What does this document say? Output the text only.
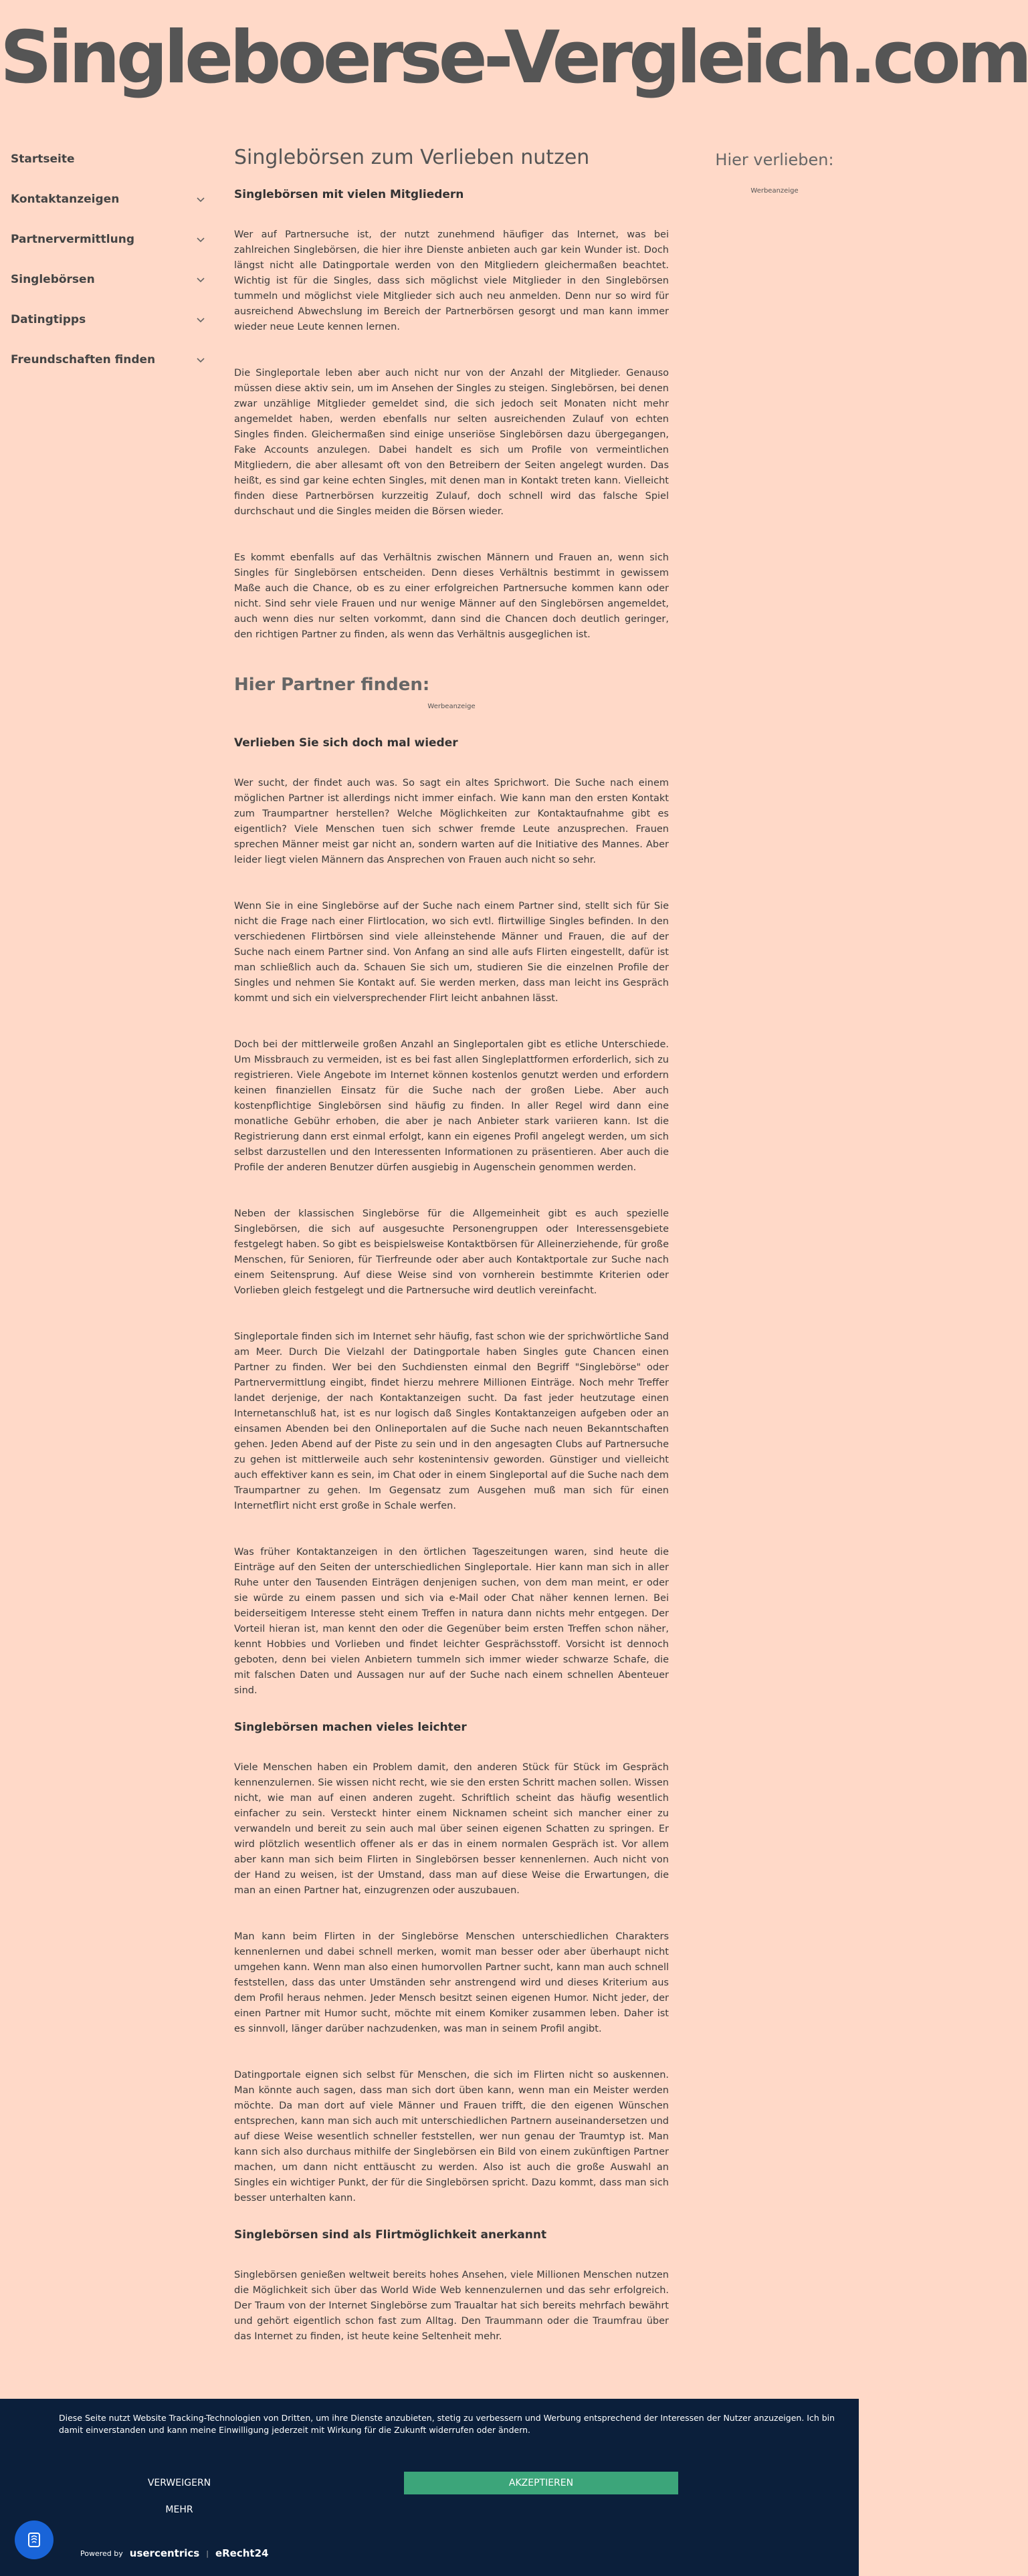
Singleboerse-Vergleich.com
Startseite
Kontaktanzeigen
Partnervermittlung
Singlebörsen
Datingtipps
Freundschaften finden
Singlebörsen zum Verlieben nutzen
Singlebörsen mit vielen Mitgliedern

Wer auf Partnersuche ist, der nutzt zunehmend häufiger das Internet, was bei zahlreichen Singlebörsen, die hier ihre Dienste anbieten auch gar kein Wunder ist. Doch längst nicht alle Datingportale werden von den Mitgliedern gleichermaßen beachtet. Wichtig ist für die Singles, dass sich möglichst viele Mitglieder in den Singlebörsen tummeln und möglichst viele Mitglieder sich auch neu anmelden. Denn nur so wird für ausreichend Abwechslung im Bereich der Partnerbörsen gesorgt und man kann immer wieder neue Leute kennen lernen.

Die Singleportale leben aber auch nicht nur von der Anzahl der Mitglieder. Genauso müssen diese aktiv sein, um im Ansehen der Singles zu steigen. Singlebörsen, bei denen zwar unzählige Mitglieder gemeldet sind, die sich jedoch seit Monaten nicht mehr angemeldet haben, werden ebenfalls nur selten ausreichenden Zulauf von echten Singles finden. Gleichermaßen sind einige unseriöse Singlebörsen dazu übergegangen, Fake Accounts anzulegen. Dabei handelt es sich um Profile von vermeintlichen Mitgliedern, die aber allesamt oft von den Betreibern der Seiten angelegt wurden. Das heißt, es sind gar keine echten Singles, mit denen man in Kontakt treten kann. Vielleicht finden diese Partnerbörsen kurzzeitig Zulauf, doch schnell wird das falsche Spiel durchschaut und die Singles meiden die Börsen wieder.

Es kommt ebenfalls auf das Verhältnis zwischen Männern und Frauen an, wenn sich Singles für Singlebörsen entscheiden. Denn dieses Verhältnis bestimmt in gewissem Maße auch die Chance, ob es zu einer erfolgreichen Partnersuche kommen kann oder nicht. Sind sehr viele Frauen und nur wenige Männer auf den Singlebörsen angemeldet, auch wenn dies nur selten vorkommt, dann sind die Chancen doch deutlich geringer, den richtigen Partner zu finden, als wenn das Verhältnis ausgeglichen ist.

Hier Partner finden:
Werbeanzeige
Verlieben Sie sich doch mal wieder

Wer sucht, der findet auch was. So sagt ein altes Sprichwort. Die Suche nach einem möglichen Partner ist allerdings nicht immer einfach. Wie kann man den ersten Kontakt zum Traumpartner herstellen? Welche Möglichkeiten zur Kontaktaufnahme gibt es eigentlich? Viele Menschen tuen sich schwer fremde Leute anzusprechen. Frauen sprechen Männer meist gar nicht an, sondern warten auf die Initiative des Mannes. Aber leider liegt vielen Männern das Ansprechen von Frauen auch nicht so sehr.

Wenn Sie in eine Singlebörse auf der Suche nach einem Partner sind, stellt sich für Sie nicht die Frage nach einer Flirtlocation, wo sich evtl. flirtwillige Singles befinden. In den verschiedenen Flirtbörsen sind viele alleinstehende Männer und Frauen, die auf der Suche nach einem Partner sind. Von Anfang an sind alle aufs Flirten eingestellt, dafür ist man schließlich auch da. Schauen Sie sich um, studieren Sie die einzelnen Profile der Singles und nehmen Sie Kontakt auf. Sie werden merken, dass man leicht ins Gespräch kommt und sich ein vielversprechender Flirt leicht anbahnen lässt.

Doch bei der mittlerweile großen Anzahl an Singleportalen gibt es etliche Unterschiede. Um Missbrauch zu vermeiden, ist es bei fast allen Singleplattformen erforderlich, sich zu registrieren. Viele Angebote im Internet können kostenlos genutzt werden und erfordern keinen finanziellen Einsatz für die Suche nach der großen Liebe. Aber auch kostenpflichtige Singlebörsen sind häufig zu finden. In aller Regel wird dann eine monatliche Gebühr erhoben, die aber je nach Anbieter stark variieren kann. Ist die Registrierung dann erst einmal erfolgt, kann ein eigenes Profil angelegt werden, um sich selbst darzustellen und den Interessenten Informationen zu präsentieren. Aber auch die Profile der anderen Benutzer dürfen ausgiebig in Augenschein genommen werden.

Neben der klassischen Singlebörse für die Allgemeinheit gibt es auch spezielle Singlebörsen, die sich auf ausgesuchte Personengruppen oder Interessensgebiete festgelegt haben. So gibt es beispielsweise Kontaktbörsen für Alleinerziehende, für große Menschen, für Senioren, für Tierfreunde oder aber auch Kontaktportale zur Suche nach einem Seitensprung. Auf diese Weise sind von vornherein bestimmte Kriterien oder Vorlieben gleich festgelegt und die Partnersuche wird deutlich vereinfacht.

Singleportale finden sich im Internet sehr häufig, fast schon wie der sprichwörtliche Sand am Meer. Durch Die Vielzahl der Datingportale haben Singles gute Chancen einen Partner zu finden. Wer bei den Suchdiensten einmal den Begriff "Singlebörse" oder Partnervermittlung eingibt, findet hierzu mehrere Millionen Einträge. Noch mehr Treffer landet derjenige, der nach Kontaktanzeigen sucht. Da fast jeder heutzutage einen Internetanschluß hat, ist es nur logisch daß Singles Kontaktanzeigen aufgeben oder an einsamen Abenden bei den Onlineportalen auf die Suche nach neuen Bekanntschaften gehen. Jeden Abend auf der Piste zu sein und in den angesagten Clubs auf Partnersuche zu gehen ist mittlerweile auch sehr kostenintensiv geworden. Günstiger und vielleicht auch effektiver kann es sein, im Chat oder in einem Singleportal auf die Suche nach dem Traumpartner zu gehen. Im Gegensatz zum Ausgehen muß man sich für einen Internetflirt nicht erst große in Schale werfen.

Was früher Kontaktanzeigen in den örtlichen Tageszeitungen waren, sind heute die Einträge auf den Seiten der unterschiedlichen Singleportale. Hier kann man sich in aller Ruhe unter den Tausenden Einträgen denjenigen suchen, von dem man meint, er oder sie würde zu einem passen und sich via e-Mail oder Chat näher kennen lernen. Bei beiderseitigem Interesse steht einem Treffen in natura dann nichts mehr entgegen. Der Vorteil hieran ist, man kennt den oder die Gegenüber beim ersten Treffen schon näher, kennt Hobbies und Vorlieben und findet leichter Gesprächsstoff. Vorsicht ist dennoch geboten, denn bei vielen Anbietern tummeln sich immer wieder schwarze Schafe, die mit falschen Daten und Aussagen nur auf der Suche nach einem schnellen Abenteuer sind.

Singlebörsen machen vieles leichter

Viele Menschen haben ein Problem damit, den anderen Stück für Stück im Gespräch kennenzulernen. Sie wissen nicht recht, wie sie den ersten Schritt machen sollen. Wissen nicht, wie man auf einen anderen zugeht. Schriftlich scheint das häufig wesentlich einfacher zu sein. Versteckt hinter einem Nicknamen scheint sich mancher einer zu verwandeln und bereit zu sein auch mal über seinen eigenen Schatten zu springen. Er wird plötzlich wesentlich offener als er das in einem normalen Gespräch ist. Vor allem aber kann man sich beim Flirten in Singlebörsen besser kennenlernen. Auch nicht von der Hand zu weisen, ist der Umstand, dass man auf diese Weise die Erwartungen, die man an einen Partner hat, einzugrenzen oder auszubauen.

Man kann beim Flirten in der Singlebörse Menschen unterschiedlichen Charakters kennenlernen und dabei schnell merken, womit man besser oder aber überhaupt nicht umgehen kann. Wenn man also einen humorvollen Partner sucht, kann man auch schnell feststellen, dass das unter Umständen sehr anstrengend wird und dieses Kriterium aus dem Profil heraus nehmen. Jeder Mensch besitzt seinen eigenen Humor. Nicht jeder, der einen Partner mit Humor sucht, möchte mit einem Komiker zusammen leben. Daher ist es sinnvoll, länger darüber nachzudenken, was man in seinem Profil angibt.

Datingportale eignen sich selbst für Menschen, die sich im Flirten nicht so auskennen. Man könnte auch sagen, dass man sich dort üben kann, wenn man ein Meister werden möchte. Da man dort auf viele Männer und Frauen trifft, die den eigenen Wünschen entsprechen, kann man sich auch mit unterschiedlichen Partnern auseinandersetzen und auf diese Weise wesentlich schneller feststellen, wer nun genau der Traumtyp ist. Man kann sich also durchaus mithilfe der Singlebörsen ein Bild von einem zukünftigen Partner machen, um dann nicht enttäuscht zu werden. Also ist auch die große Auswahl an Singles ein wichtiger Punkt, der für die Singlebörsen spricht. Dazu kommt, dass man sich besser unterhalten kann.

Singlebörsen sind als Flirtmöglichkeit anerkannt

Singlebörsen genießen weltweit bereits hohes Ansehen, viele Millionen Menschen nutzen die Möglichkeit sich über das World Wide Web kennenzulernen und das sehr erfolgreich. Der Traum von der Internet Singlebörse zum Traualtar hat sich bereits mehrfach bewährt und gehört eigentlich schon fast zum Alltag. Den Traummann oder die Traumfrau über das Internet zu finden, ist heute keine Seltenheit mehr.

Hier verlieben:
Werbeanzeige
Diese Seite nutzt Website Tracking-Technologien von Dritten, um ihre Dienste anzubieten, stetig zu verbessern und Werbung entsprechend der Interessen der Nutzer anzuzeigen. Ich bin damit einverstanden und kann meine Einwilligung jederzeit mit Wirkung für die Zukunft widerrufen oder ändern.
VERWEIGERN	AKZEPTIEREN
MEHR
Powered by usercentrics | eRecht24
